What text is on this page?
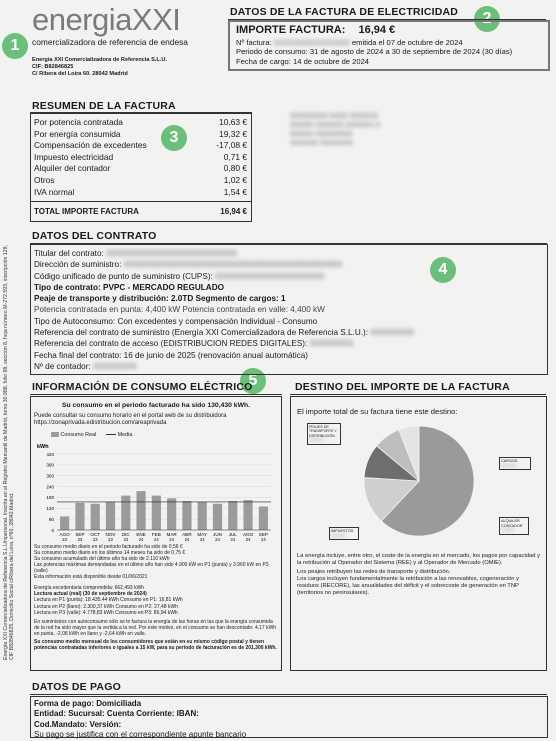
energiaXXI
comercializadora de referencia de endesa
Energía XXI Comercializadora de Referencia S.L.U.
CIF: B82846825
C/ Ribera del Loira 60. 28042 Madrid
1
3
4
5
DATOS DE LA FACTURA DE ELECTRICIDAD
IMPORTE FACTURA: 16,94 €
Nº factura: XXXXXXXXXXXXXXX emitida el 07 de octubre de 2024
Periodo de consumo: 31 de agosto de 2024 a 30 de septiembre de 2024 (30 días)
Fecha de cargo: 14 de octubre de 2024
XXXXXXXX XXXX XXXXXX
XXXXX XXXXXX XXXXXX X
XXXXX XXXXXXXX
XXXXXX XXXXXXX
RESUMEN DE LA FACTURA
Por potencia contratada	10,63 €
Por energía consumida	19,32 €
Compensación de excedentes	-17,08 €
Impuesto electricidad	0,71 €
Alquiler del contador	0,80 €
Otros	1,02 €
IVA normal	1,54 €
TOTAL IMPORTE FACTURA	16,94 €
DATOS DEL CONTRATO
Titular del contrato: XXXXXXXXXXXXXXXXXXXXXXXX
Dirección de suministro: XXXXXXXXXXXXXXXXXXXXXXXXXXXXXXXXXXXXXXXX
Código unificado de punto de suministro (CUPS): XXXXXXXXXXXXXXXXXXXX
Tipo de contrato: PVPC - MERCADO REGULADO
Peaje de transporte y distribución: 2.0TD Segmento de cargos: 1
Potencia contratada en punta: 4,400 kW Potencia contratada en valle: 4,400 kW
Tipo de Autoconsumo: Con excedentes y compensación Individual - Consumo
Referencia del contrato de suministro (Energía XXI Comercializadora de Referencia S.L.U.): XXXXXXXX
Referencia del contrato de acceso (EDISTRIBUCION REDES DIGITALES): XXXXXXXX
Fecha final del contrato: 16 de junio de 2025 (renovación anual automática)
Nº de contador: XXXXXXXX
INFORMACIÓN DE CONSUMO ELÉCTRICO
Su consumo en el periodo facturado ha sido 130,430 kWh.
Puede consultar su consumo horario en el portal web de su distribuidora
https://zonaprivada.edistribucion.com/areaprivada
Consumo Real	Media
kWh
0
60
120
180
240
300
360
420
AGO
23
SEP
23
OCT
23
NOV
23
DIC
23
ENE
24
FEB
24
MAR
24
ABR
24
MAY
24
JUN
24
JUL
24
AGO
24
SEP
24
Su consumo medio diario en el periodo facturado ha sido de 0,56 €
Su consumo medio diario en los últimos 14 meses ha sido de 0,75 €
Su consumo acumulado del último año ha sido de 2.110 kWh
Las potencias máximas demandadas en el último año han sido 4.900 kW en P1 (punta) y 3.960 kW en P3 (valle)
Esta información está disponible desde 01/06/2021
Energía excedentaria comprendida: 662,493 kWh
Lectura actual (real) (30 de septiembre de 2024)
Lectura en P1 (punta): 18.435,44 kWh Consumo en P1: 16,81 kWh
Lectura en P2 (llano): 2.300,37 kWh Consumo en P2: 27,48 kWh
Lectura en P3 (valle): 4.778,83 kWh Consumo en P3: 86,94 kWh
En suministros con autoconsumo sólo se le factura la energía de las horas en las que la energía consumida de la red ha sido mayor que la vertida a la red. Por este motivo, en el consumo se han descontado: 4,17 kWh en punta, -2,08 kWh en llano y -2,64 kWh en valle.
Su consumo medio mensual de los consumidores que están en su mismo código postal y tienen potencias contratadas inferiores o iguales a 15 kW, para su periodo de facturación es de 201,300 kWh.
DESTINO DEL IMPORTE DE LA FACTURA
El importe total de su factura tiene este destino:
PEAJES DE TRANSPORTE Y DISTRIBUCIÓN
XX,XX%
CARGOS
XX,XX%
IMPUESTOS
XX,XX%
ALQUILER CONTADOR
X,XX%
La energía incluye, entre otro, el coste de la energía en el mercado, los pagos por capacidad y la retribución al Operador del Sistema (REE) y al Operador de Mercado (OMIE).
Los peajes retribuyen las redes de transporte y distribución.
Los cargos incluyen fundamentalmente la retribución a las renovables, cogeneración y residuos (RECORE), las anualidades del déficit y el sobrecoste de generación en TNP (territorios no peninsulares).
DATOS DE PAGO
Forma de pago: Domiciliada
Entidad: Sucursal: Cuenta Corriente: IBAN:
Cod.Mandato: Versión:
Su pago se justifica con el correspondiente apunte bancario
Energía XXI Comercializadora de Referencia S.L.Unipersonal. Inscrita en el Registro Mercantil de Madrid, tomo 30.988, folio 98, sección 8, hoja número M-272.593, inscripción 129, CIF B82846825. Domicilio Social c/Ribera del Loira, nº60, 28042 Madrid.
